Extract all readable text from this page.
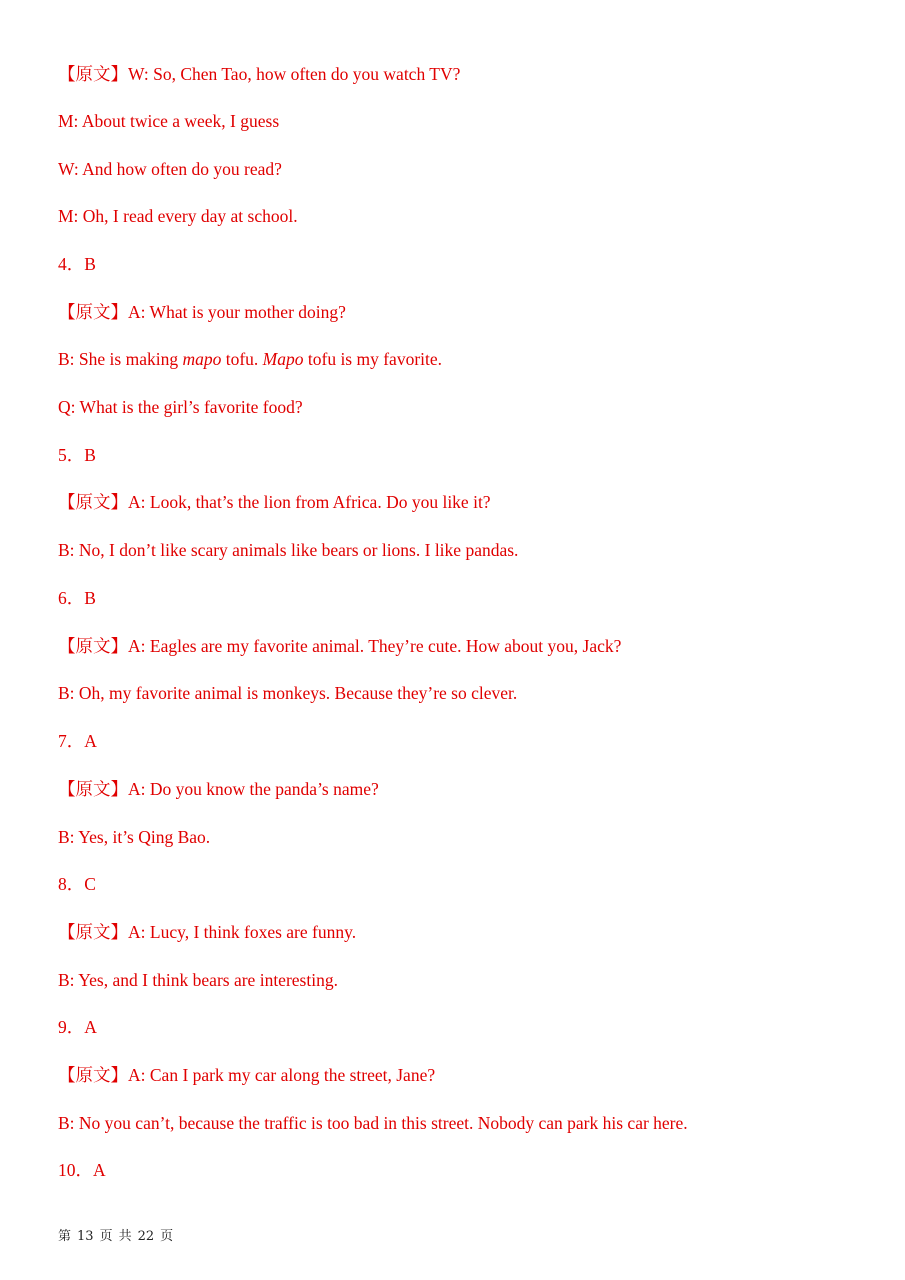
【原文】W: So, Chen Tao, how often do you watch TV?
M: About twice a week, I guess
W: And how often do you read?
M: Oh, I read every day at school.
4．B
【原文】A: What is your mother doing?
B: She is making mapo tofu. Mapo tofu is my favorite.
Q: What is the girl’s favorite food?
5．B
【原文】A: Look, that’s the lion from Africa. Do you like it?
B: No, I don’t like scary animals like bears or lions. I like pandas.
6．B
【原文】A: Eagles are my favorite animal. They’re cute. How about you, Jack?
B: Oh, my favorite animal is monkeys. Because they’re so clever.
7．A
【原文】A: Do you know the panda’s name?
B: Yes, it’s Qing Bao.
8．C
【原文】A: Lucy, I think foxes are funny.
B: Yes, and I think bears are interesting.
9．A
【原文】A: Can I park my car along the street, Jane?
B: No you can’t, because the traffic is too bad in this street. Nobody can park his car here.
10．A
第 13 页 共 22 页
